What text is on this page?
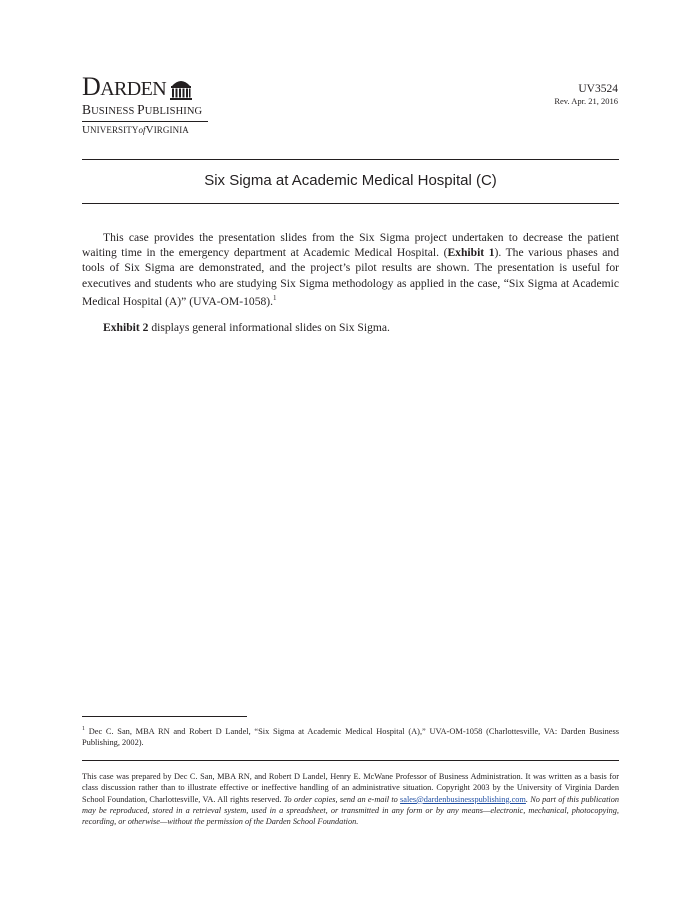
DARDEN
BUSINESS PUBLISHING
UNIVERSITYofVIRGINIA
UV3524
Rev. Apr. 21, 2016
Six Sigma at Academic Medical Hospital (C)

This case provides the presentation slides from the Six Sigma project undertaken to decrease the patient waiting time in the emergency department at Academic Medical Hospital. (Exhibit 1). The various phases and tools of Six Sigma are demonstrated, and the project’s pilot results are shown. The presentation is useful for executives and students who are studying Six Sigma methodology as applied in the case, “Six Sigma at Academic Medical Hospital (A)” (UVA-OM-1058).$^1$

Exhibit 2 displays general informational slides on Six Sigma.

$^1$ Dec C. San, MBA RN and Robert D Landel, “Six Sigma at Academic Medical Hospital (A),” UVA-OM-1058 (Charlottesville, VA: Darden Business Publishing, 2002).
This case was prepared by Dec C. San, MBA RN, and Robert D Landel, Henry E. McWane Professor of Business Administration. It was written as a basis for class discussion rather than to illustrate effective or ineffective handling of an administrative situation. Copyright 2003 by the University of Virginia Darden School Foundation, Charlottesville, VA. All rights reserved. To order copies, send an e-mail to sales@dardenbusinesspublishing.com. No part of this publication may be reproduced, stored in a retrieval system, used in a spreadsheet, or transmitted in any form or by any means—electronic, mechanical, photocopying, recording, or otherwise—without the permission of the Darden School Foundation.
